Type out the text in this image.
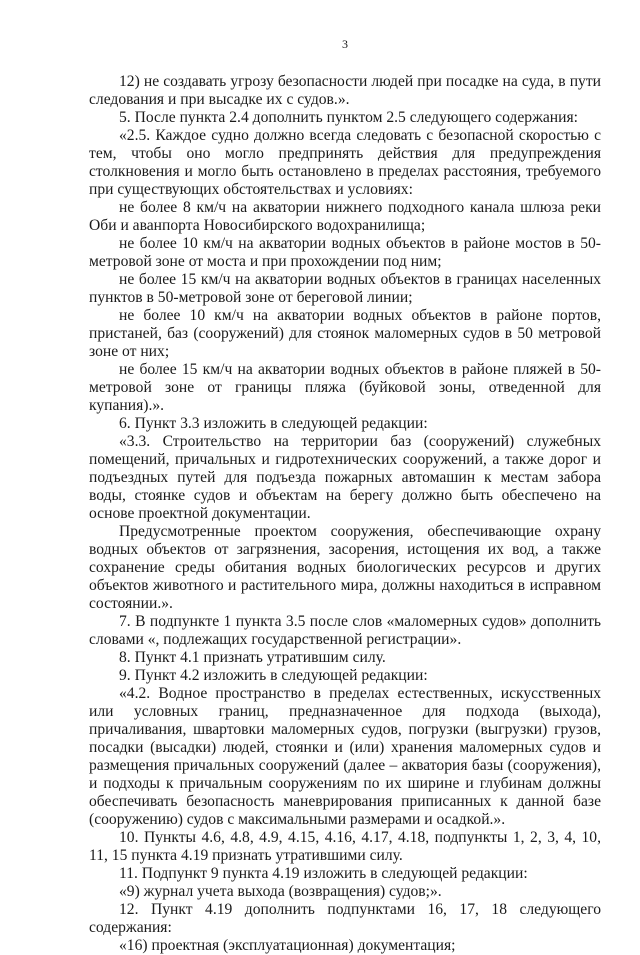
3

12) не создавать угрозу безопасности людей при посадке на суда, в пути следования и при высадке их с судов.».

5. После пункта 2.4 дополнить пунктом 2.5 следующего содержания:

«2.5. Каждое судно должно всегда следовать с безопасной скоростью с тем, чтобы оно могло предпринять действия для предупреждения столкновения и могло быть остановлено в пределах расстояния, требуемого при существующих обстоятельствах и условиях:

не более 8 км/ч на акватории нижнего подходного канала шлюза реки Оби и аванпорта Новосибирского водохранилища;

не более 10 км/ч на акватории водных объектов в районе мостов в 50-метровой зоне от моста и при прохождении под ним;

не более 15 км/ч на акватории водных объектов в границах населенных пунктов в 50-метровой зоне от береговой линии;

не более 10 км/ч на акватории водных объектов в районе портов, пристаней, баз (сооружений) для стоянок маломерных судов в 50 метровой зоне от них;

не более 15 км/ч на акватории водных объектов в районе пляжей в 50-метровой зоне от границы пляжа (буйковой зоны, отведенной для купания).».

6. Пункт 3.3 изложить в следующей редакции:

«3.3. Строительство на территории баз (сооружений) служебных помещений, причальных и гидротехнических сооружений, а также дорог и подъездных путей для подъезда пожарных автомашин к местам забора воды, стоянке судов и объектам на берегу должно быть обеспечено на основе проектной документации.

Предусмотренные проектом сооружения, обеспечивающие охрану водных объектов от загрязнения, засорения, истощения их вод, а также сохранение среды обитания водных биологических ресурсов и других объектов животного и растительного мира, должны находиться в исправном состоянии.».

7. В подпункте 1 пункта 3.5 после слов «маломерных судов» дополнить словами «, подлежащих государственной регистрации».

8. Пункт 4.1 признать утратившим силу.

9. Пункт 4.2 изложить в следующей редакции:

«4.2. Водное пространство в пределах естественных, искусственных или условных границ, предназначенное для подхода (выхода), причаливания, швартовки маломерных судов, погрузки (выгрузки) грузов, посадки (высадки) людей, стоянки и (или) хранения маломерных судов и размещения причальных сооружений (далее – акватория базы (сооружения), и подходы к причальным сооружениям по их ширине и глубинам должны обеспечивать безопасность маневрирования приписанных к данной базе (сооружению) судов с максимальными размерами и осадкой.».

10. Пункты 4.6, 4.8, 4.9, 4.15, 4.16, 4.17, 4.18, подпункты 1, 2, 3, 4, 10, 11, 15 пункта 4.19 признать утратившими силу.

11. Подпункт 9 пункта 4.19 изложить в следующей редакции:

«9) журнал учета выхода (возвращения) судов;».

12. Пункт 4.19 дополнить подпунктами 16, 17, 18 следующего содержания:

«16) проектная (эксплуатационная) документация;
